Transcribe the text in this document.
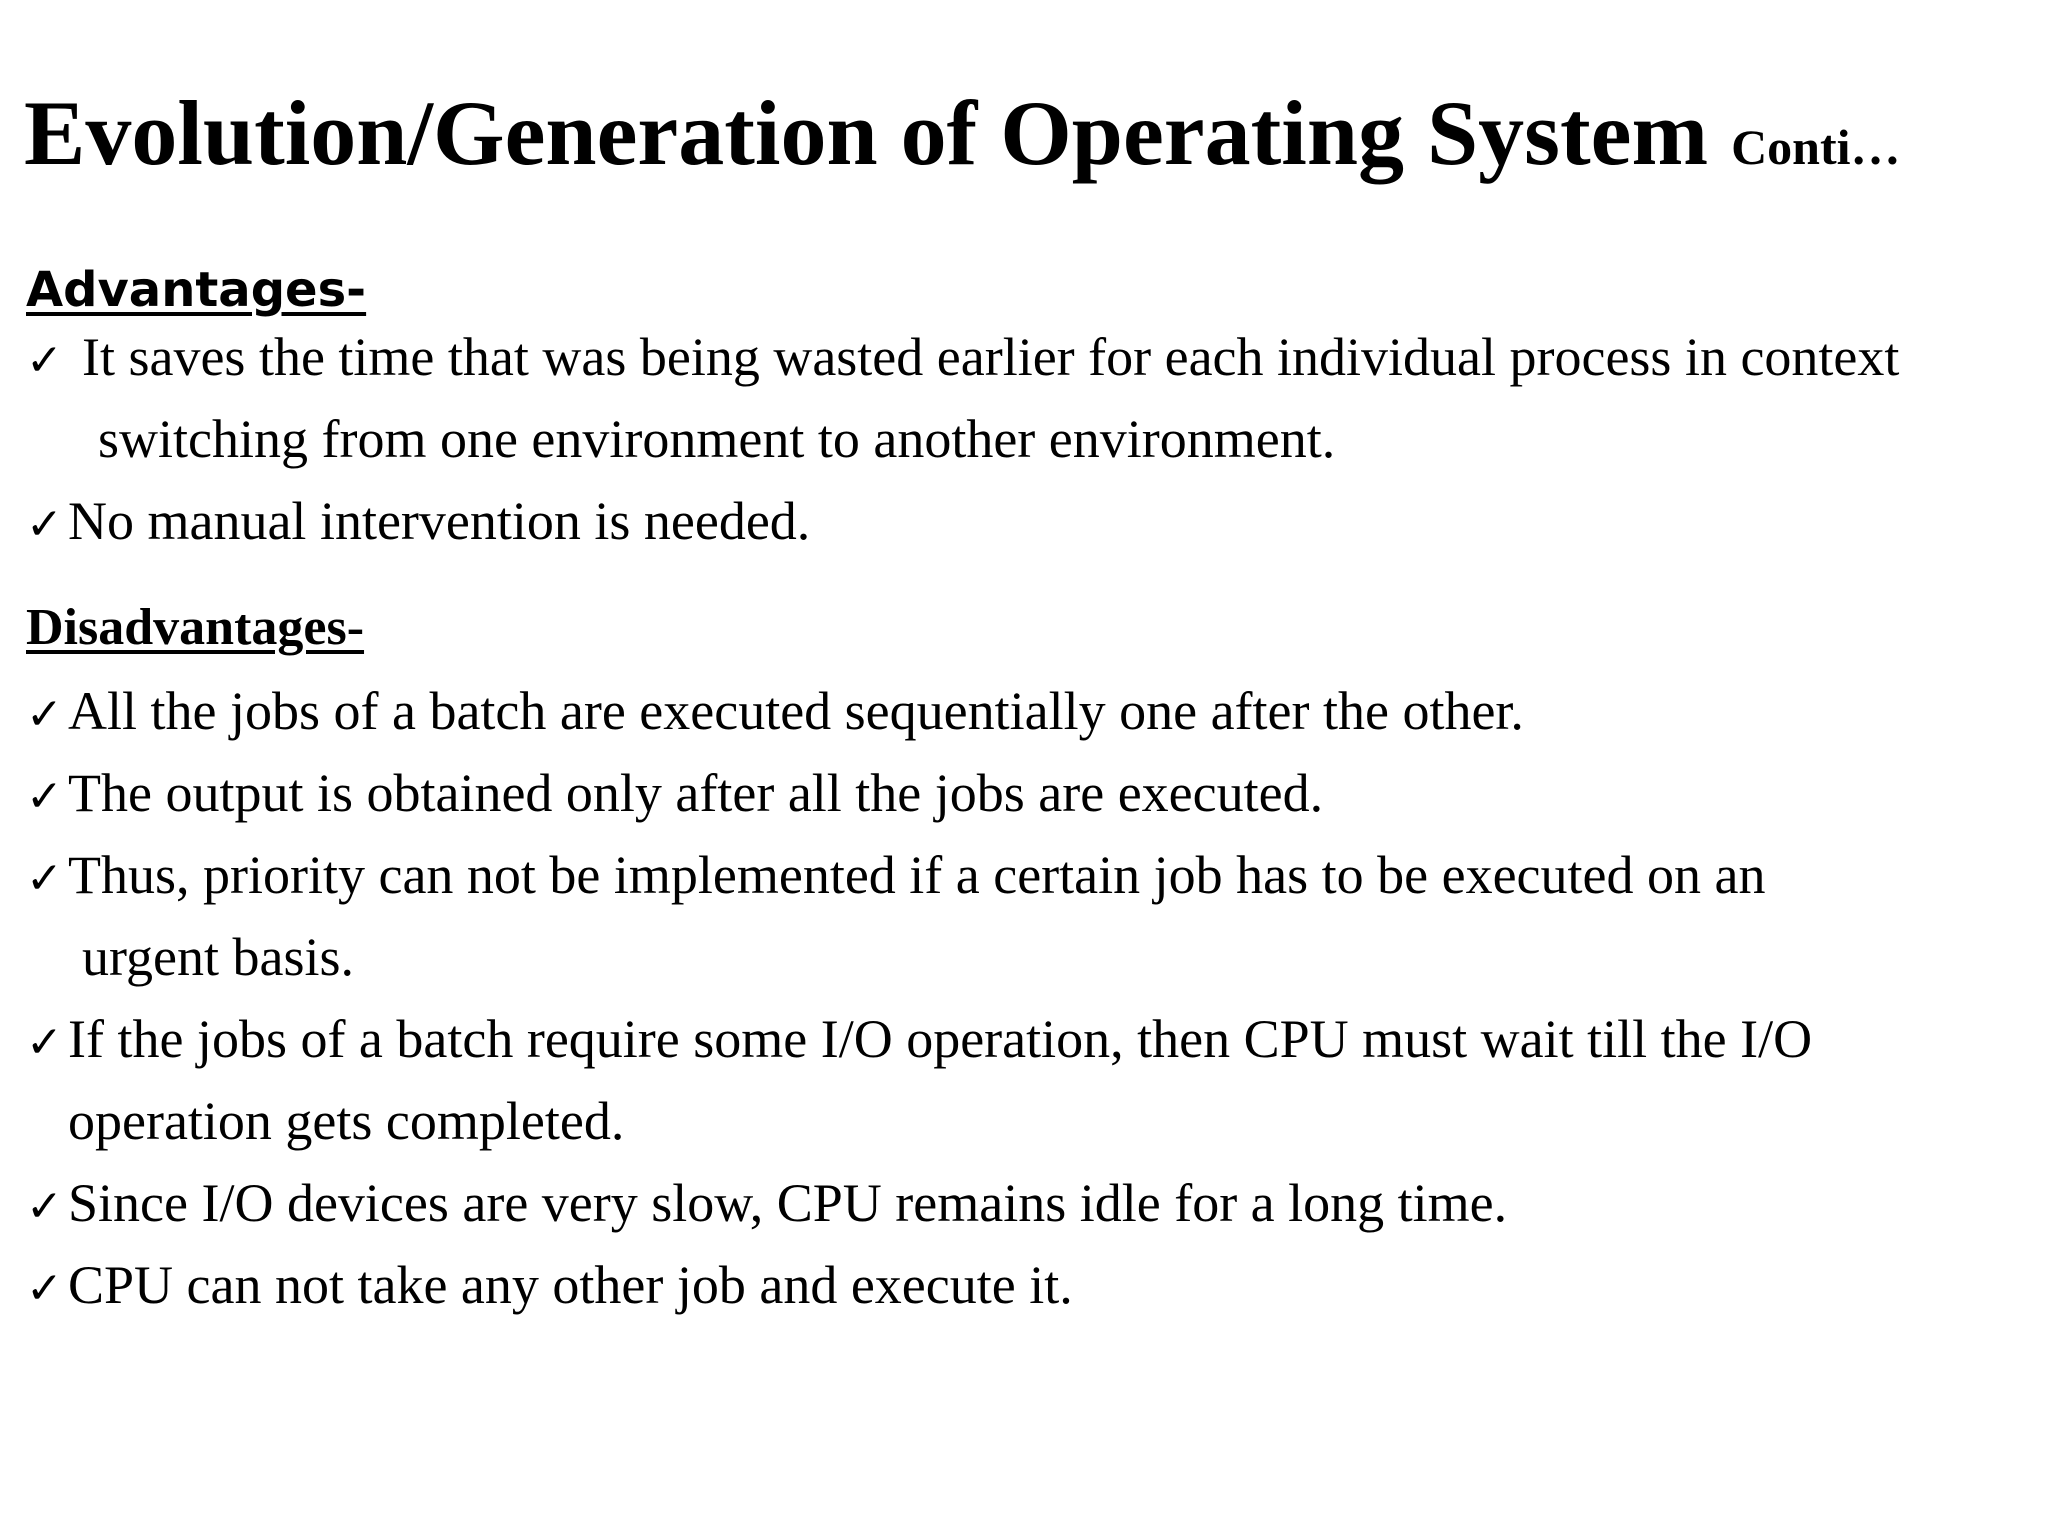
Evolution/Generation of Operating System Conti…
Advantages-
✓ It saves the time that was being wasted earlier for each individual process in context
switching from one environment to another environment.
✓No manual intervention is needed.
Disadvantages-
✓All the jobs of a batch are executed sequentially one after the other.
✓The output is obtained only after all the jobs are executed.
✓Thus, priority can not be implemented if a certain job has to be executed on an
urgent basis.
✓If the jobs of a batch require some I/O operation, then CPU must wait till the I/O
operation gets completed.
✓Since I/O devices are very slow, CPU remains idle for a long time.
✓CPU can not take any other job and execute it.
